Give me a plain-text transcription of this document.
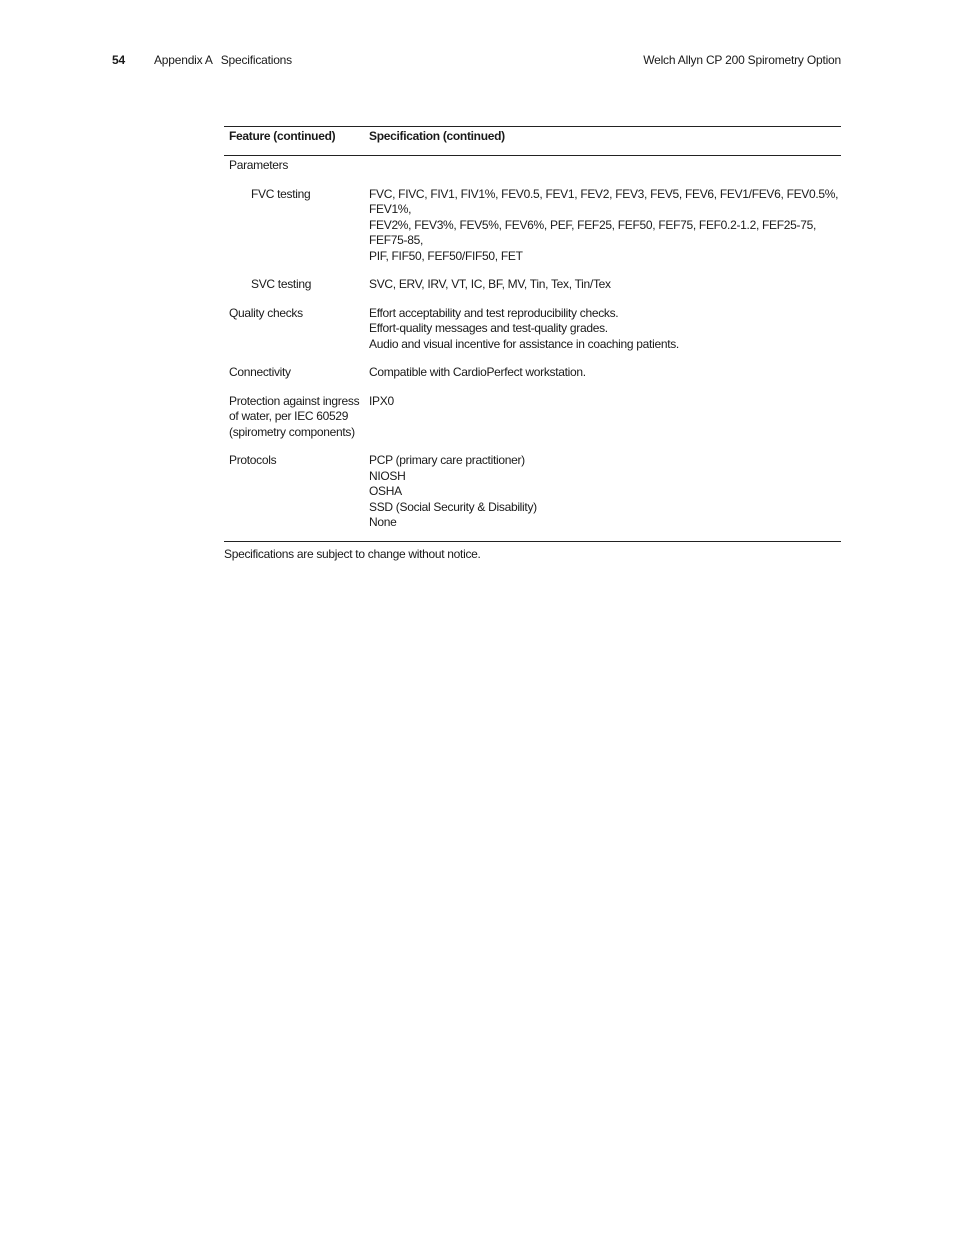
54 Appendix A Specifications	Welch Allyn CP 200 Spirometry Option
Feature (continued)	Specification (continued)
Parameters	
FVC testing	FVC, FIVC, FIV1, FIV1%, FEV0.5, FEV1, FEV2, FEV3, FEV5, FEV6, FEV1/FEV6, FEV0.5%, FEV1%,
FEV2%, FEV3%, FEV5%, FEV6%, PEF, FEF25, FEF50, FEF75, FEF0.2-1.2, FEF25-75, FEF75-85,
PIF, FIF50, FEF50/FIF50, FET

SVC testing	SVC, ERV, IRV, VT, IC, BF, MV, Tin, Tex, Tin/Tex

Quality checks	Effort acceptability and test reproducibility checks.
Effort-quality messages and test-quality grades.
Audio and visual incentive for assistance in coaching patients.

Connectivity	Compatible with CardioPerfect workstation.

Protection against ingress
of water, per IEC 60529
(spirometry components)	IPX0

Protocols	PCP (primary care practitioner)
NIOSH
OSHA
SSD (Social Security & Disability)
None
Specifications are subject to change without notice.
